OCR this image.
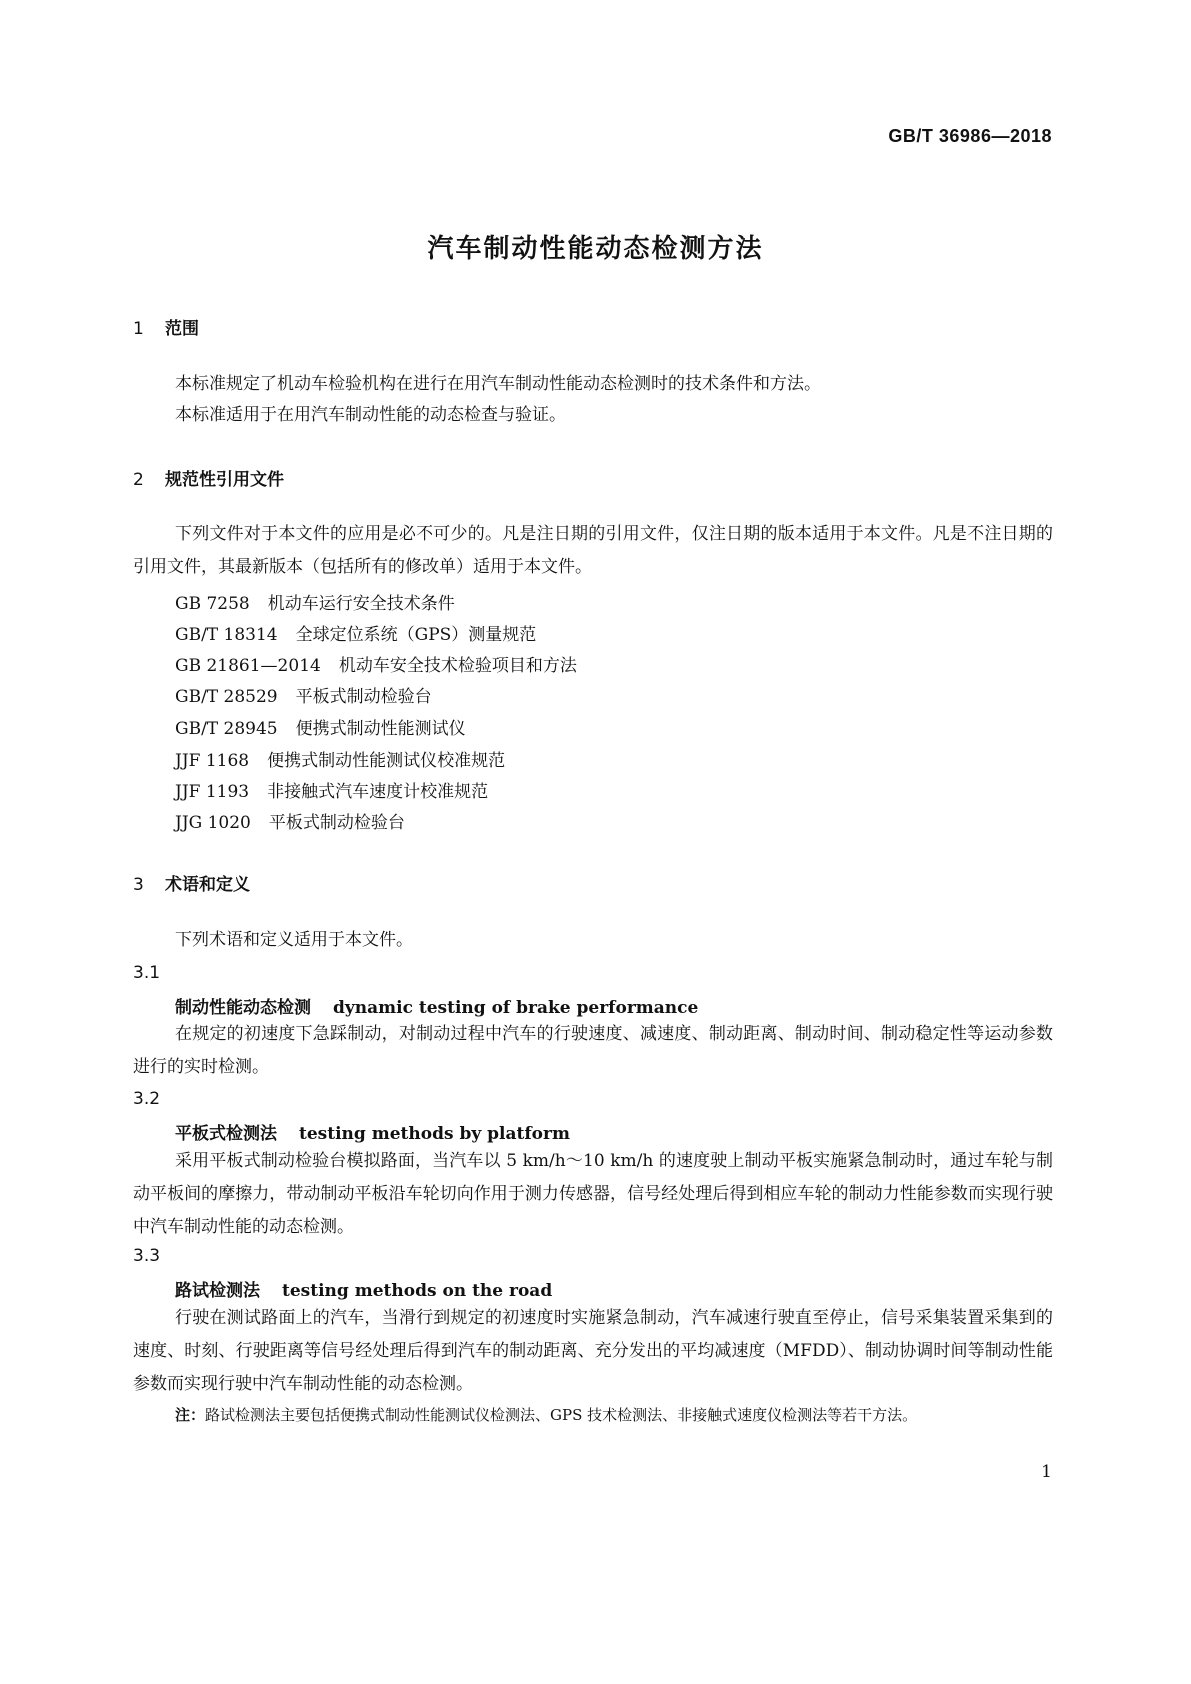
GB/T 36986—2018
汽车制动性能动态检测方法
1 范围

本标准规定了机动车检验机构在进行在用汽车制动性能动态检测时的技术条件和方法。

本标准适用于在用汽车制动性能的动态检查与验证。

2 规范性引用文件

下列文件对于本文件的应用是必不可少的。凡是注日期的引用文件，仅注日期的版本适用于本文件。凡是不注日期的引用文件，其最新版本（包括所有的修改单）适用于本文件。

GB 7258 机动车运行安全技术条件
GB/T 18314 全球定位系统（GPS）测量规范
GB 21861—2014 机动车安全技术检验项目和方法
GB/T 28529 平板式制动检验台
GB/T 28945 便携式制动性能测试仪
JJF 1168 便携式制动性能测试仪校准规范
JJF 1193 非接触式汽车速度计校准规范
JJG 1020 平板式制动检验台
3 术语和定义

下列术语和定义适用于本文件。

3.1
制动性能动态检测 dynamic testing of brake performance

在规定的初速度下急踩制动，对制动过程中汽车的行驶速度、减速度、制动距离、制动时间、制动稳定性等运动参数进行的实时检测。

3.2
平板式检测法 testing methods by platform

采用平板式制动检验台模拟路面，当汽车以 5 km/h～10 km/h 的速度驶上制动平板实施紧急制动时，通过车轮与制动平板间的摩擦力，带动制动平板沿车轮切向作用于测力传感器，信号经处理后得到相应车轮的制动力性能参数而实现行驶中汽车制动性能的动态检测。

3.3
路试检测法 testing methods on the road

行驶在测试路面上的汽车，当滑行到规定的初速度时实施紧急制动，汽车减速行驶直至停止，信号采集装置采集到的速度、时刻、行驶距离等信号经处理后得到汽车的制动距离、充分发出的平均减速度（MFDD）、制动协调时间等制动性能参数而实现行驶中汽车制动性能的动态检测。

注：路试检测法主要包括便携式制动性能测试仪检测法、GPS 技术检测法、非接触式速度仪检测法等若干方法。
1
